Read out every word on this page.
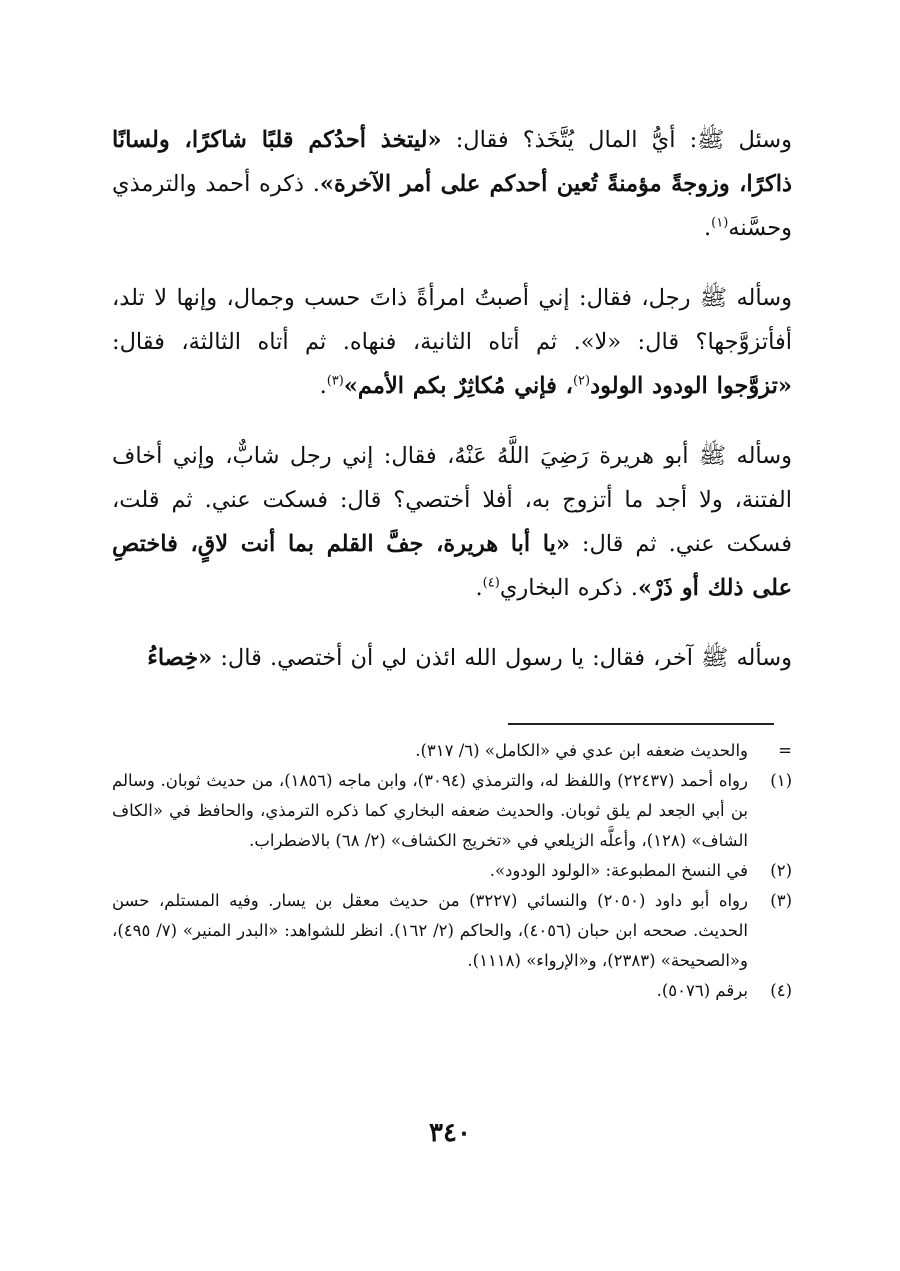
وسئل ﷺ: أيُّ المال يُتَّخَذ؟ فقال: «ليتخذ أحدُكم قلبًا شاكرًا، ولسانًا ذاكرًا، وزوجةً مؤمنةً تُعين أحدكم على أمر الآخرة». ذكره أحمد والترمذي وحسَّنه$^{(١)}$.

وسأله ﷺ رجل، فقال: إني أصبتُ امرأةً ذاتَ حسب وجمال، وإنها لا تلد، أفأتزوَّجها؟ قال: «لا». ثم أتاه الثانية، فنهاه. ثم أتاه الثالثة، فقال: «تزوَّجوا الودود الولود$^{(٢)}$، فإني مُكاثِرٌ بكم الأمم»$^{(٣)}$.

وسأله ﷺ أبو هريرة رَضِيَ اللَّهُ عَنْهُ، فقال: إني رجل شابٌّ، وإني أخاف الفتنة، ولا أجد ما أتزوج به، أفلا أختصي؟ قال: فسكت عني. ثم قلت، فسكت عني. ثم قال: «يا أبا هريرة، جفَّ القلم بما أنت لاقٍ، فاختصِ على ذلك أو ذَرْ». ذكره البخاري$^{(٤)}$.

وسأله ﷺ آخر، فقال: يا رسول الله ائذن لي أن أختصي. قال: «خِصاءُ

=
والحديث ضعفه ابن عدي في «الكامل» (٦/ ٣١٧).
(١)
رواه أحمد (٢٢٤٣٧) واللفظ له، والترمذي (٣٠٩٤)، وابن ماجه (١٨٥٦)، من حديث ثوبان. وسالم بن أبي الجعد لم يلق ثوبان. والحديث ضعفه البخاري كما ذكره الترمذي، والحافظ في «الكاف الشاف» (١٢٨)، وأعلَّه الزيلعي في «تخريج الكشاف» (٢/ ٦٨) بالاضطراب.
(٢)
في النسخ المطبوعة: «الولود الودود».
(٣)
رواه أبو داود (٢٠٥٠) والنسائي (٣٢٢٧) من حديث معقل بن يسار. وفيه المستلم، حسن الحديث. صححه ابن حبان (٤٠٥٦)، والحاكم (٢/ ١٦٢). انظر للشواهد: «البدر المنير» (٧/ ٤٩٥)، و«الصحيحة» (٢٣٨٣)، و«الإرواء» (١١١٨).
(٤)
برقم (٥٠٧٦).
٣٤٠
